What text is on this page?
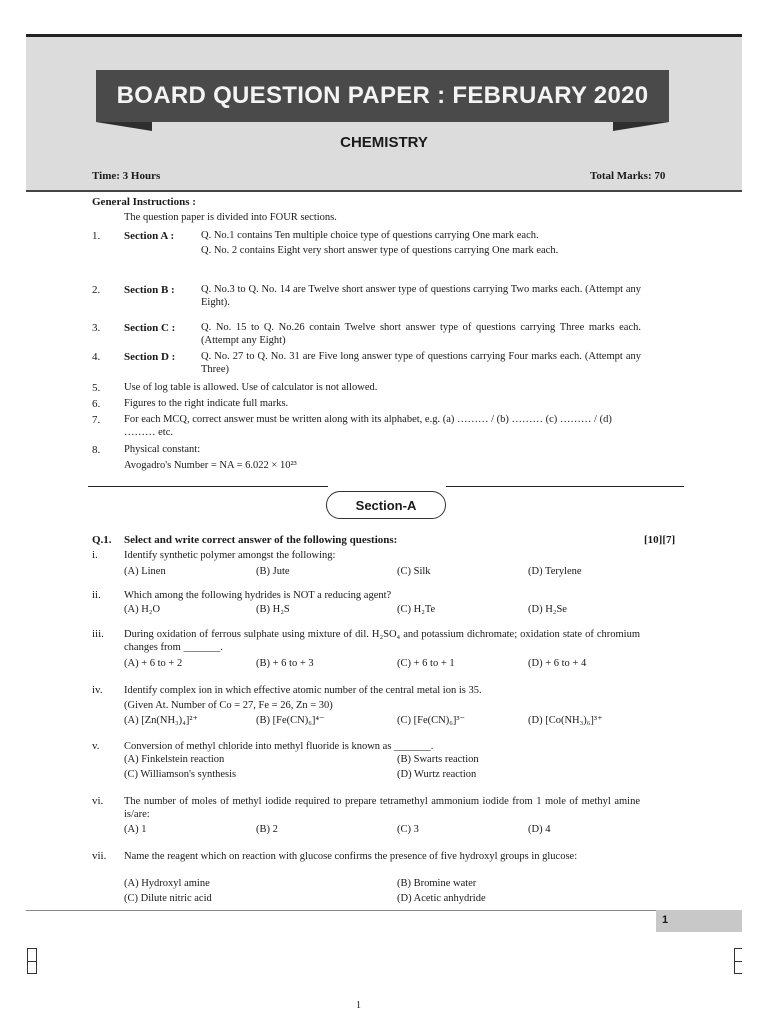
BOARD QUESTION PAPER : FEBRUARY 2020
CHEMISTRY
Time: 3 Hours	Total Marks: 70
General Instructions :
The question paper is divided into FOUR sections.
1. Section A :	Q. No.1 contains Ten multiple choice type of questions carrying One mark each.
Q. No. 2 contains Eight very short answer type of questions carrying One mark each.
2. Section B :	Q. No.3 to Q. No. 14 are Twelve short answer type of questions carrying Two marks each. (Attempt any Eight).
3. Section C : Q. No. 15 to Q. No.26 contain Twelve short answer type of questions carrying Three marks each. (Attempt any Eight)
4. Section D : Q. No. 27 to Q. No. 31 are Five long answer type of questions carrying Four marks each. (Attempt any Three)
5. Use of log table is allowed. Use of calculator is not allowed.
6. Figures to the right indicate full marks.
7. For each MCQ, correct answer must be written along with its alphabet, e.g. (a) ……… / (b) ……… (c) ……… / (d) ……… etc.
8. Physical constant:
Avogadro's Number = NA = 6.022 × 10²³
Section-A
Q.1. Select and write correct answer of the following questions:	[10][7]
i. Identify synthetic polymer amongst the following:
(A) Linen	(B) Jute	(C) Silk	(D) Terylene
ii. Which among the following hydrides is NOT a reducing agent?
(A) H₂O	(B) H₂S	(C) H₂Te	(D) H₂Se
iii. During oxidation of ferrous sulphate using mixture of dil. H₂SO₄ and potassium dichromate; oxidation state of chromium changes from _______.
(A) + 6 to + 2	(B) + 6 to + 3	(C) + 6 to + 1	(D) + 6 to + 4
iv. Identify complex ion in which effective atomic number of the central metal ion is 35.
(Given At. Number of Co = 27, Fe = 26, Zn = 30)
(A) [Zn(NH₃)₄]²⁺	(B) [Fe(CN)₆]⁴⁻	(C) [Fe(CN)₆]³⁻	(D) [Co(NH₃)₆]³⁺
v. Conversion of methyl chloride into methyl fluoride is known as _______.
(A) Finkelstein reaction	(B) Swarts reaction
(C) Williamson's synthesis	(D) Wurtz reaction
vi. The number of moles of methyl iodide required to prepare tetramethyl ammonium iodide from 1 mole of methyl amine is/are:
(A) 1	(B) 2	(C) 3	(D) 4
vii. Name the reagent which on reaction with glucose confirms the presence of five hydroxyl groups in glucose:
(A) Hydroxyl amine	(B) Bromine water
(C) Dilute nitric acid	(D) Acetic anhydride
1
1
